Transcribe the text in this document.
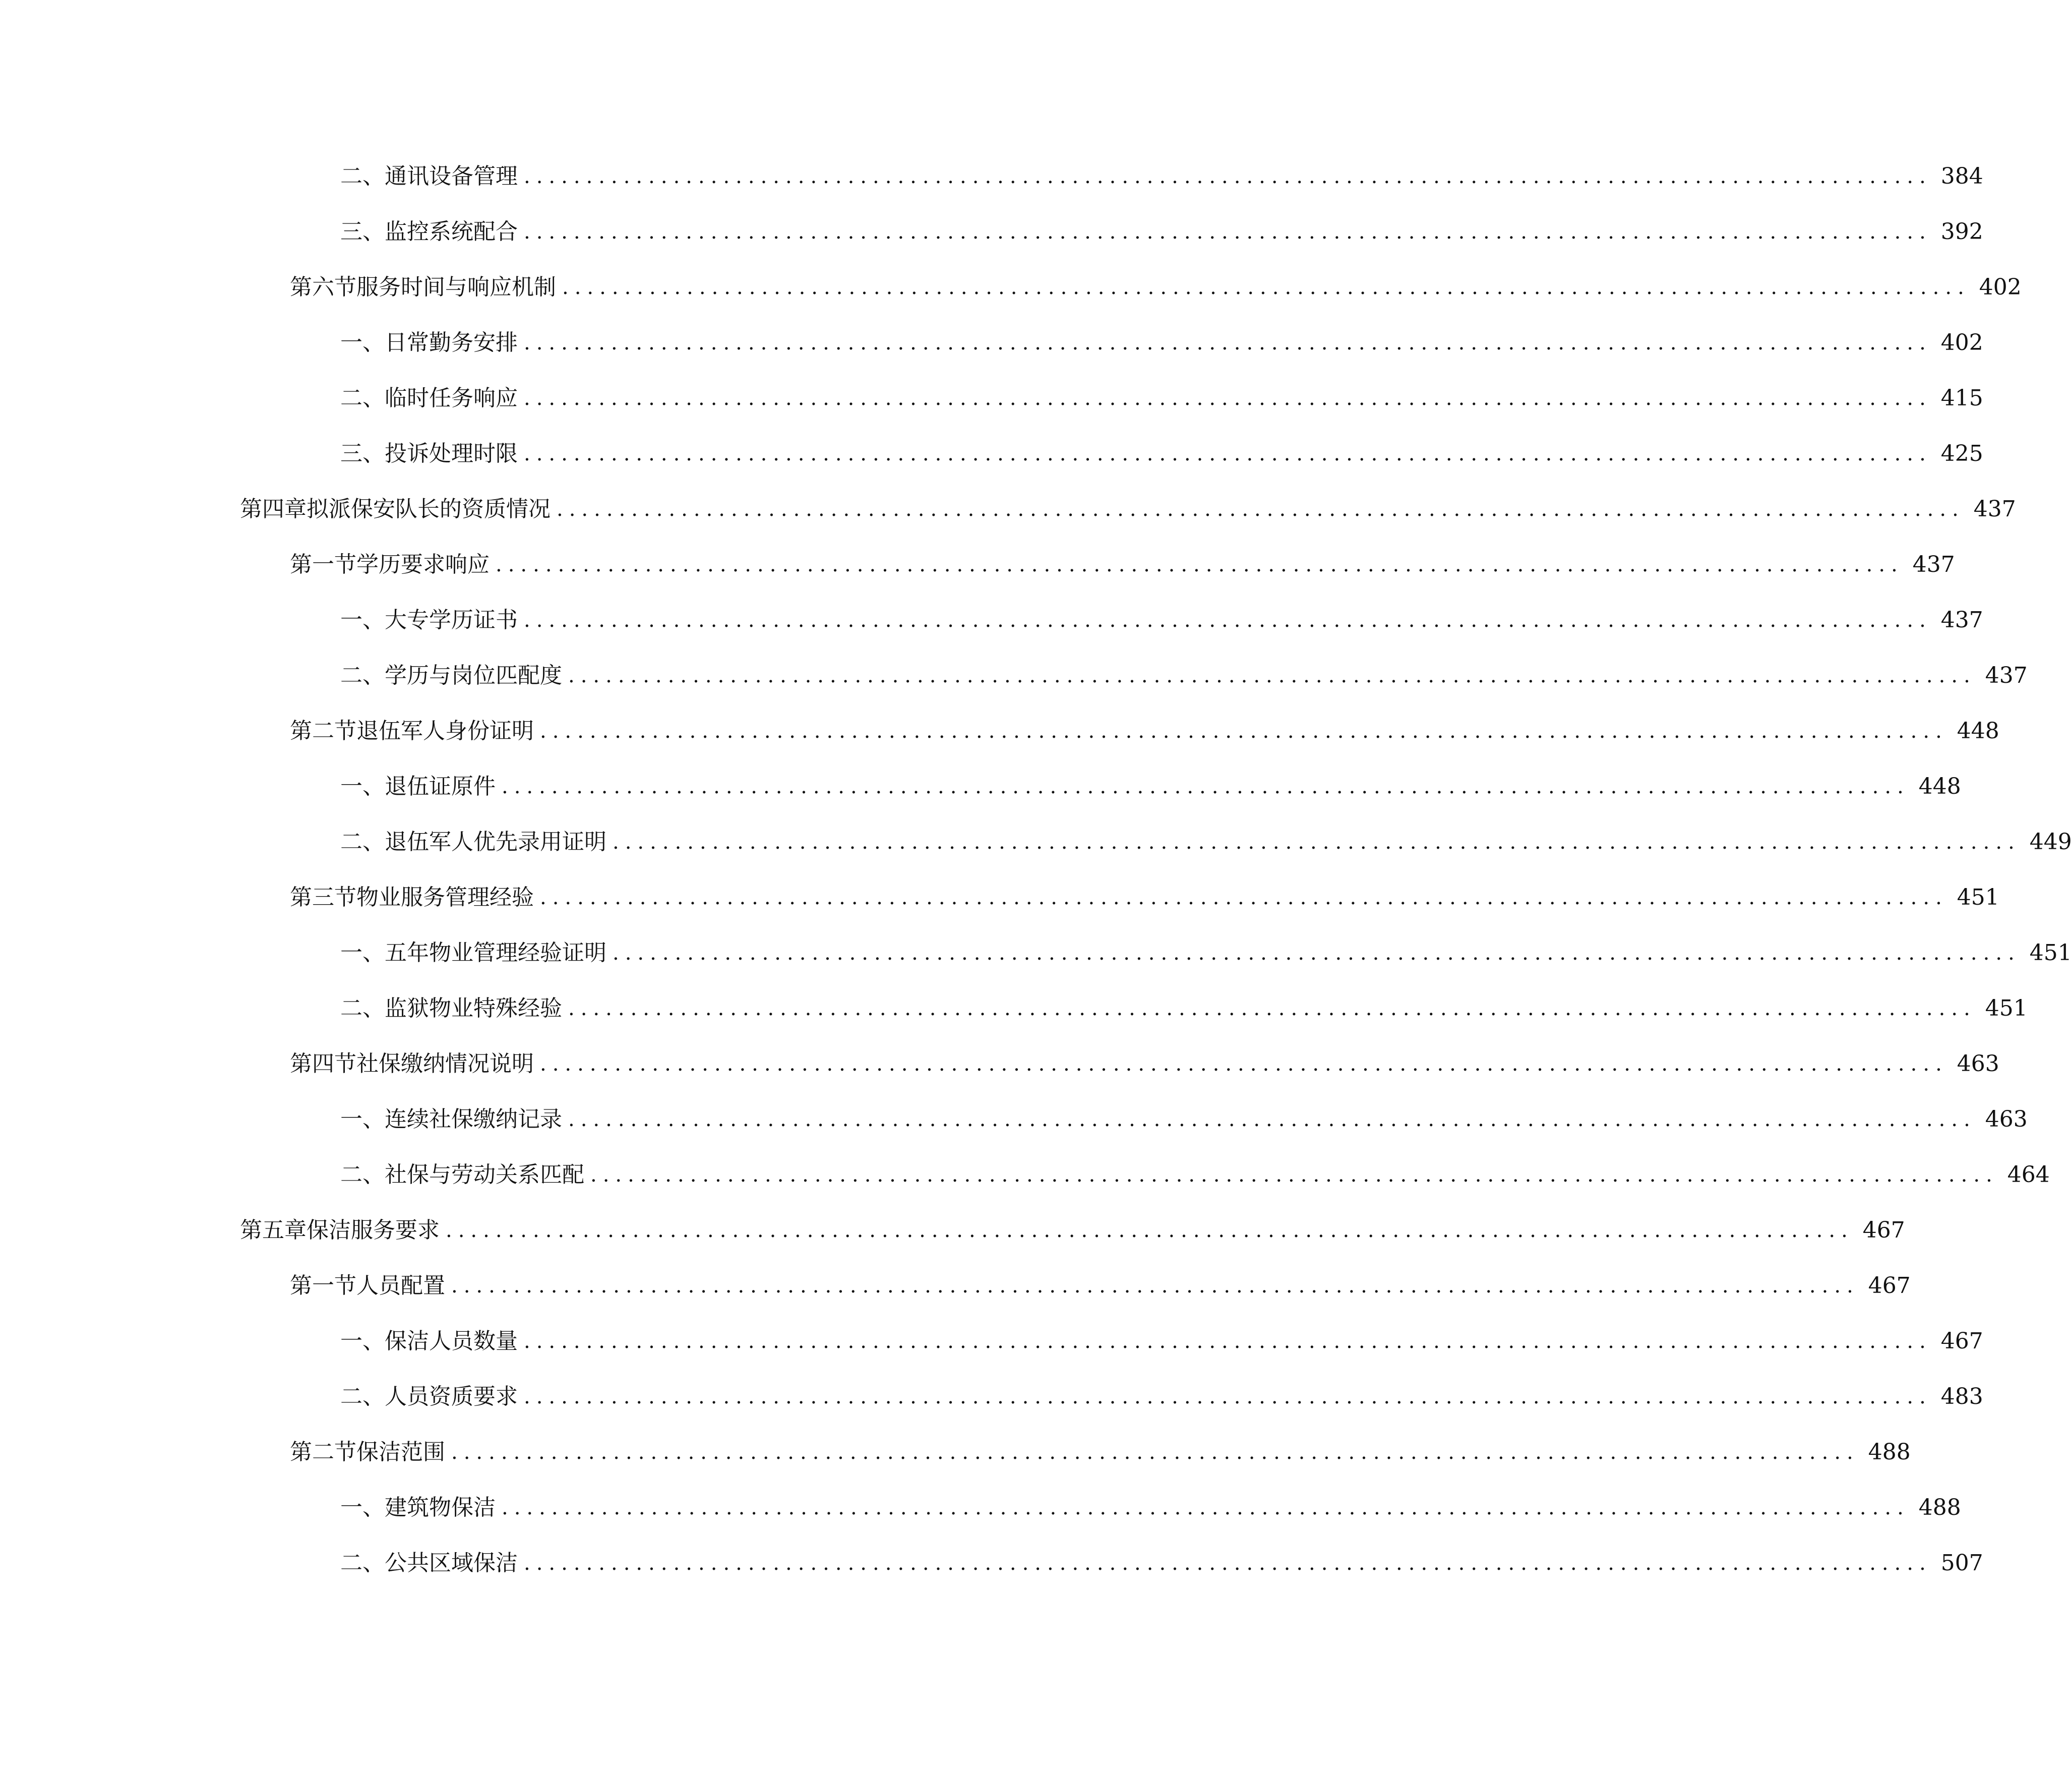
二、 通讯设备管理 ................................................................................................................. 384
三、 监控系统配合 ................................................................................................................. 392
第六节 服务时间与响应机制 ................................................................................................................. 402
一、 日常勤务安排 ................................................................................................................. 402
二、 临时任务响应 ................................................................................................................. 415
三、 投诉处理时限 ................................................................................................................. 425
第四章 拟派保安队长的资质情况 ................................................................................................................. 437
第一节 学历要求响应 ................................................................................................................. 437
一、 大专学历证书 ................................................................................................................. 437
二、 学历与岗位匹配度 ................................................................................................................. 437
第二节 退伍军人身份证明 ................................................................................................................. 448
一、 退伍证原件 ................................................................................................................. 448
二、 退伍军人优先录用证明 ................................................................................................................. 449
第三节 物业服务管理经验 ................................................................................................................. 451
一、 五年物业管理经验证明 ................................................................................................................. 451
二、 监狱物业特殊经验 ................................................................................................................. 451
第四节 社保缴纳情况说明 ................................................................................................................. 463
一、 连续社保缴纳记录 ................................................................................................................. 463
二、 社保与劳动关系匹配 ................................................................................................................. 464
第五章 保洁服务要求 ................................................................................................................. 467
第一节 人员配置 ................................................................................................................. 467
一、 保洁人员数量 ................................................................................................................. 467
二、 人员资质要求 ................................................................................................................. 483
第二节 保洁范围 ................................................................................................................. 488
一、 建筑物保洁 ................................................................................................................. 488
二、 公共区域保洁 ................................................................................................................. 507
